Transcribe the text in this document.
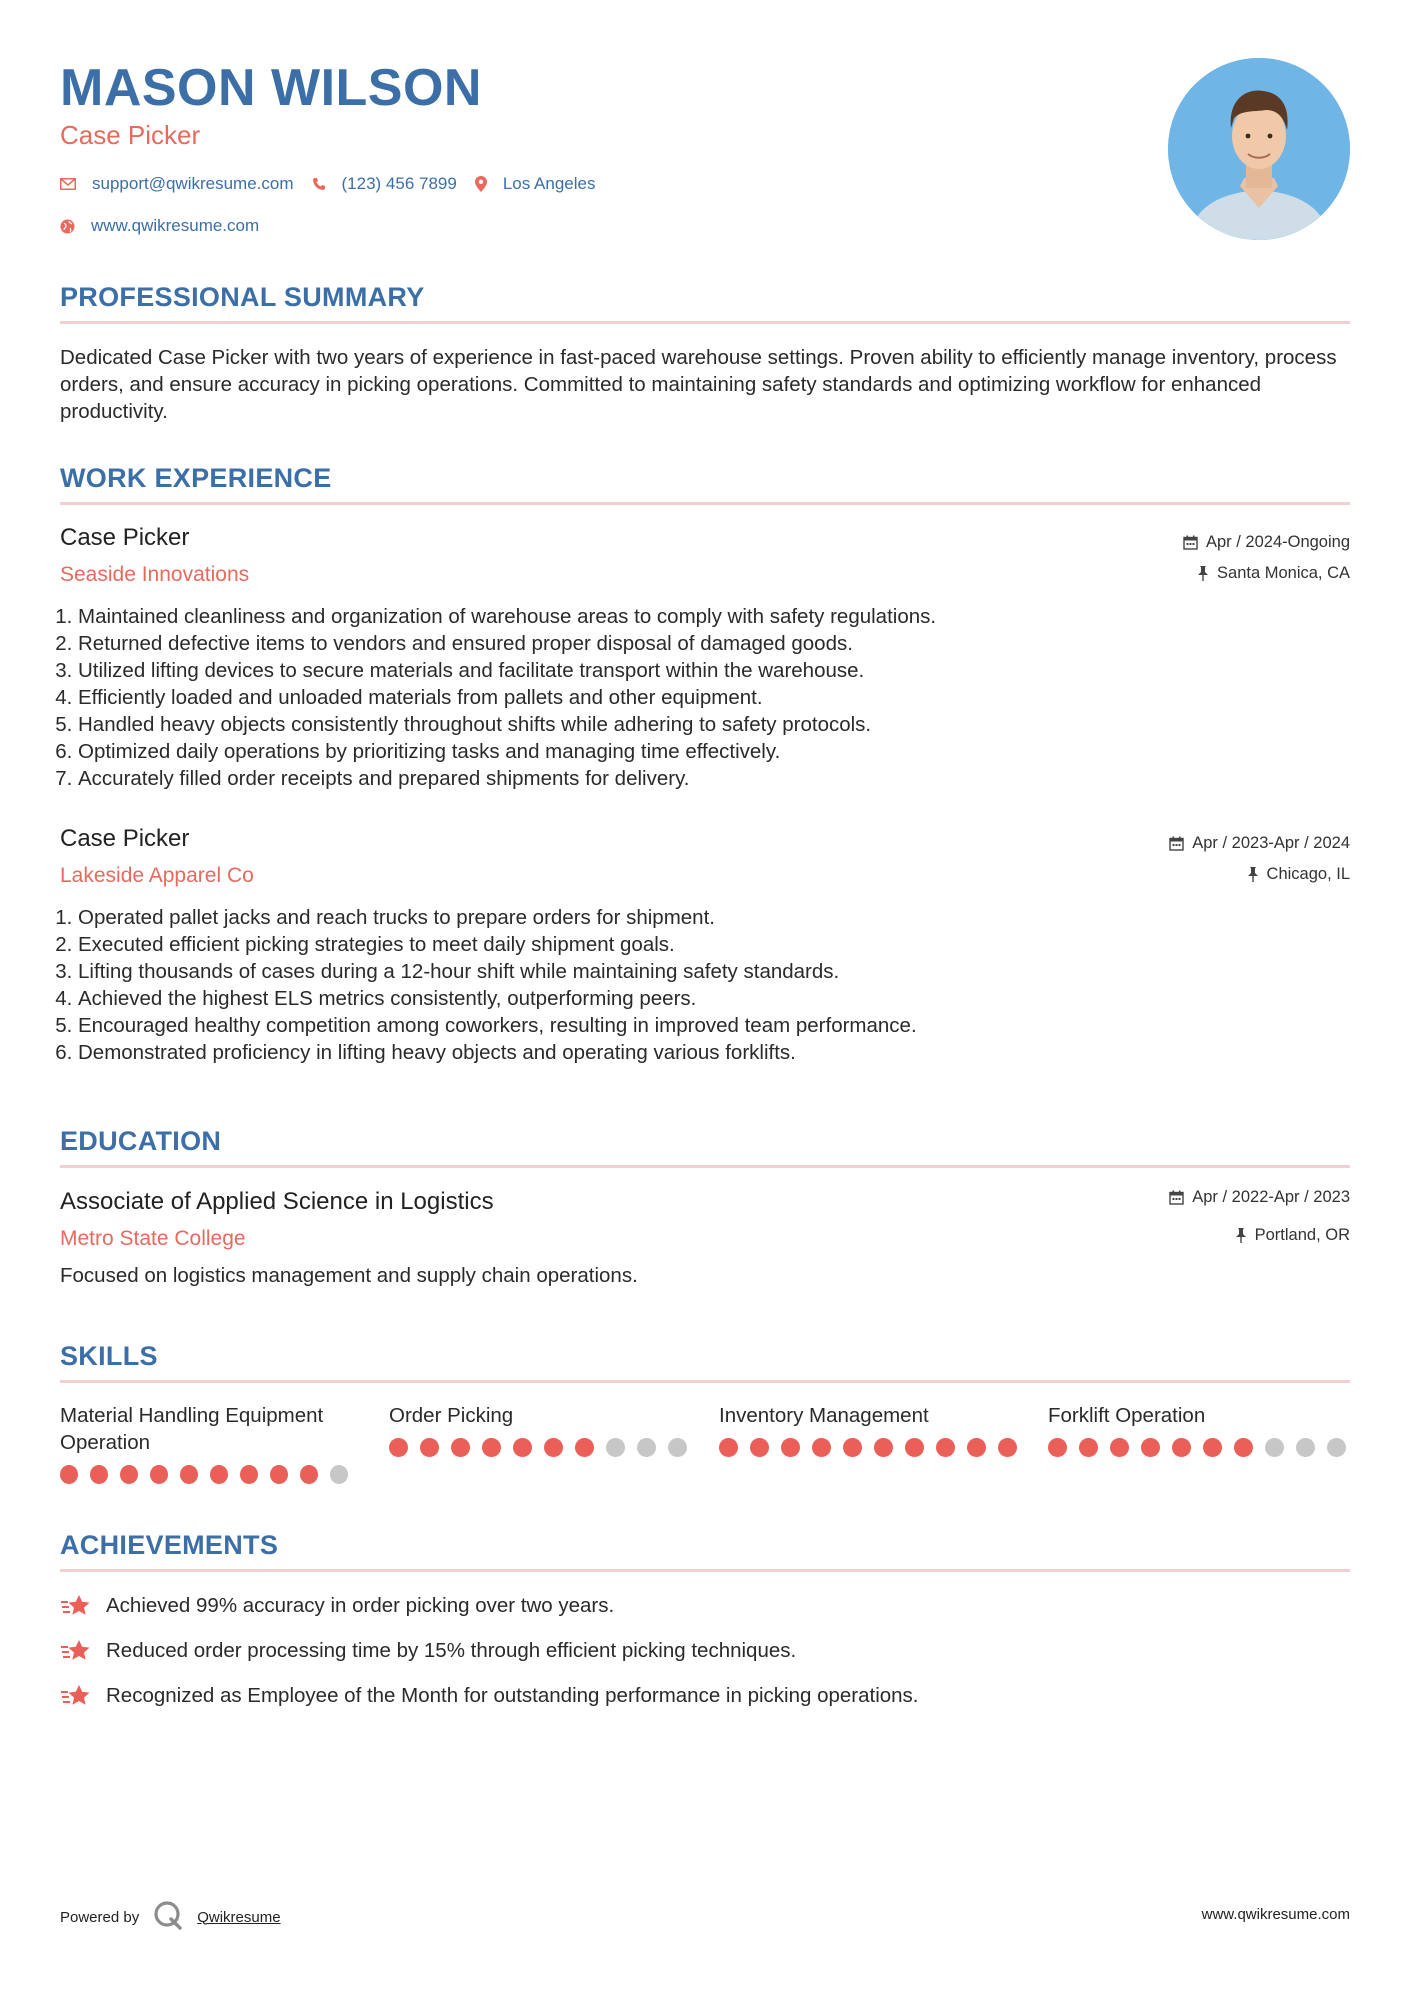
MASON WILSON
Case Picker
support@qwikresume.com	(123) 456 7899	Los Angeles
www.qwikresume.com
PROFESSIONAL SUMMARY
Dedicated Case Picker with two years of experience in fast-paced warehouse settings. Proven ability to efficiently manage inventory, process orders, and ensure accuracy in picking operations. Committed to maintaining safety standards and optimizing workflow for enhanced productivity.
WORK EXPERIENCE
Case Picker
Seaside Innovations
Apr / 2024-Ongoing
Santa Monica, CA
1. Maintained cleanliness and organization of warehouse areas to comply with safety regulations.
2. Returned defective items to vendors and ensured proper disposal of damaged goods.
3. Utilized lifting devices to secure materials and facilitate transport within the warehouse.
4. Efficiently loaded and unloaded materials from pallets and other equipment.
5. Handled heavy objects consistently throughout shifts while adhering to safety protocols.
6. Optimized daily operations by prioritizing tasks and managing time effectively.
7. Accurately filled order receipts and prepared shipments for delivery.
Case Picker
Lakeside Apparel Co
Apr / 2023-Apr / 2024
Chicago, IL
1. Operated pallet jacks and reach trucks to prepare orders for shipment.
2. Executed efficient picking strategies to meet daily shipment goals.
3. Lifting thousands of cases during a 12-hour shift while maintaining safety standards.
4. Achieved the highest ELS metrics consistently, outperforming peers.
5. Encouraged healthy competition among coworkers, resulting in improved team performance.
6. Demonstrated proficiency in lifting heavy objects and operating various forklifts.
EDUCATION
Associate of Applied Science in Logistics
Metro State College
Apr / 2022-Apr / 2023
Portland, OR
Focused on logistics management and supply chain operations.
SKILLS
Material Handling Equipment Operation
Order Picking	Inventory Management	Forklift Operation
ACHIEVEMENTS
Achieved 99% accuracy in order picking over two years.
Reduced order processing time by 15% through efficient picking techniques.
Recognized as Employee of the Month for outstanding performance in picking operations.
Powered by	Qwikresume	www.qwikresume.com
